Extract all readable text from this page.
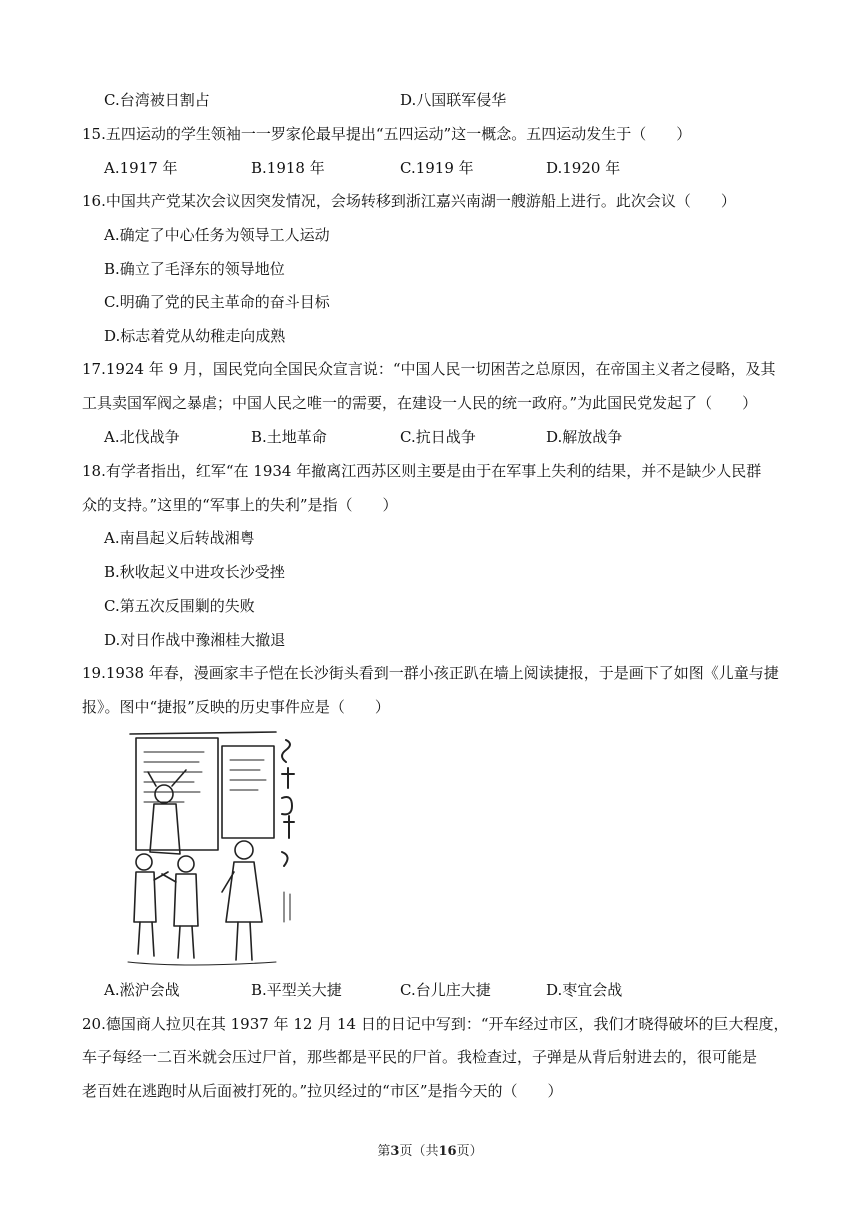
C.台湾被日割占	D.八国联军侵华
15.五四运动的学生领袖一一罗家伦最早提出“五四运动”这一概念。五四运动发生于（　　）
A.1917 年	B.1918 年	C.1919 年	D.1920 年
16.中国共产党某次会议因突发情况，会场转移到浙江嘉兴南湖一艘游船上进行。此次会议（　　）
A.确定了中心任务为领导工人运动
B.确立了毛泽东的领导地位
C.明确了党的民主革命的奋斗目标
D.标志着党从幼稚走向成熟
17.1924 年 9 月，国民党向全国民众宣言说：“中国人民一切困苦之总原因，在帝国主义者之侵略，及其
工具卖国军阀之暴虐；中国人民之唯一的需要，在建设一人民的统一政府。”为此国民党发起了（　　）
A.北伐战争	B.土地革命	C.抗日战争	D.解放战争
18.有学者指出，红军“在 1934 年撤离江西苏区则主要是由于在军事上失利的结果，并不是缺少人民群
众的支持。”这里的“军事上的失利”是指（　　）
A.南昌起义后转战湘粤
B.秋收起义中进攻长沙受挫
C.第五次反围剿的失败
D.对日作战中豫湘桂大撤退
19.1938 年春，漫画家丰子恺在长沙街头看到一群小孩正趴在墙上阅读捷报，于是画下了如图《儿童与捷
报》。图中“捷报”反映的历史事件应是（　　）
A.淞沪会战	B.平型关大捷	C.台儿庄大捷	D.枣宜会战
20.德国商人拉贝在其 1937 年 12 月 14 日的日记中写到：“开车经过市区，我们才晓得破坏的巨大程度，
车子每经一二百米就会压过尸首，那些都是平民的尸首。我检查过，子弹是从背后射进去的，很可能是
老百姓在逃跑时从后面被打死的。”拉贝经过的“市区”是指今天的（　　）
第3页（共16页）
